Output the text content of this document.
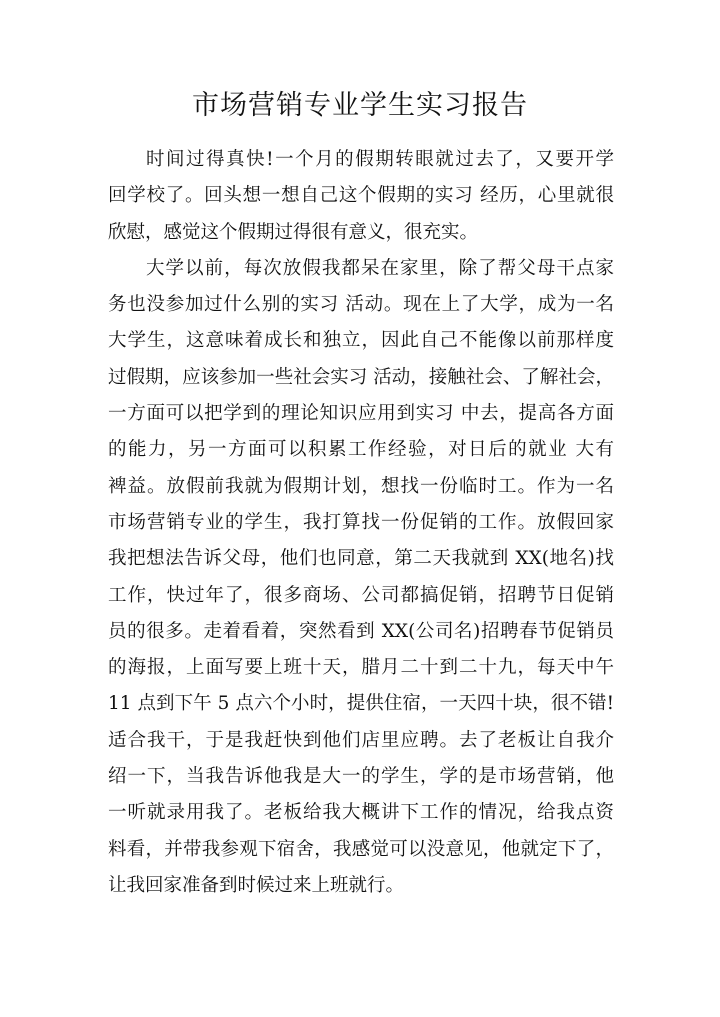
市场营销专业学生实习报告
时间过得真快!一个月的假期转眼就过去了，又要开学
回学校了。回头想一想自己这个假期的实习 经历，心里就很
欣慰，感觉这个假期过得很有意义，很充实。
大学以前，每次放假我都呆在家里，除了帮父母干点家
务也没参加过什么别的实习 活动。现在上了大学，成为一名
大学生，这意味着成长和独立，因此自己不能像以前那样度
过假期，应该参加一些社会实习 活动，接触社会、了解社会，
一方面可以把学到的理论知识应用到实习 中去，提高各方面
的能力，另一方面可以积累工作经验，对日后的就业 大有
裨益。放假前我就为假期计划，想找一份临时工。作为一名
市场营销专业的学生，我打算找一份促销的工作。放假回家
我把想法告诉父母，他们也同意，第二天我就到 XX(地名)找
工作，快过年了，很多商场、公司都搞促销，招聘节日促销
员的很多。走着看着，突然看到 XX(公司名)招聘春节促销员
的海报，上面写要上班十天，腊月二十到二十九，每天中午
11 点到下午 5 点六个小时，提供住宿，一天四十块，很不错!
适合我干，于是我赶快到他们店里应聘。去了老板让自我介
绍一下，当我告诉他我是大一的学生，学的是市场营销，他
一听就录用我了。老板给我大概讲下工作的情况，给我点资
料看，并带我参观下宿舍，我感觉可以没意见，他就定下了，
让我回家准备到时候过来上班就行。
